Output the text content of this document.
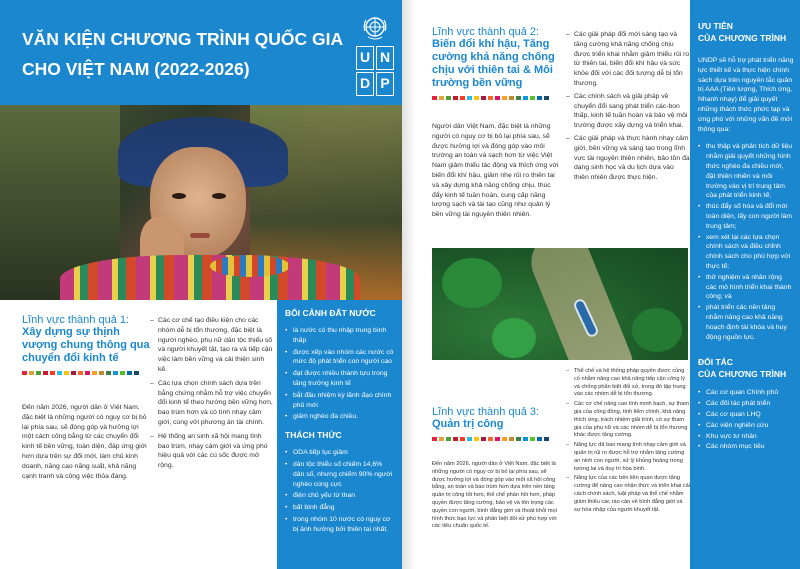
VĂN KIỆN CHƯƠNG TRÌNH QUỐC GIA
CHO VIỆT NAM (2022-2026)
U N
D P
Lĩnh vực thành quả 1:
Xây dựng sự thịnh vượng chung thông qua chuyển đổi kinh tế
Đến năm 2026, người dân ở Việt Nam, đặc biệt là những người có nguy cơ bị bỏ lại phía sau, sẽ đóng góp và hưởng lợi một cách công bằng từ các chuyển đổi kinh tế bền vững, toàn diện, đáp ứng giới hơn dựa trên sự đổi mới, làm chủ kinh doanh, năng cao năng suất, khả năng cạnh tranh và công việc thỏa đáng.
– Các cơ chế tạo điều kiện cho các nhóm dễ bị tổn thương, đặc biệt là người nghèo, phụ nữ dân tộc thiểu số và người khuyết tật, tạo ra và tiếp cận việc làm bền vững và cải thiện sinh kế.
– Các lựa chọn chính sách dựa trên bằng chứng nhằm hỗ trợ việc chuyển đổi kinh tế theo hướng bền vững hơn, bao trùm hơn và có tính nhạy cảm giới, cùng với phương án tài chính.
– Hệ thống an sinh xã hội mang tính bao trùm, nhạy cảm giới và ứng phó hiệu quả với các cú sốc được mở rộng.
BỐI CẢNH ĐẤT NƯỚC
• là nước có thu nhập trung bình thấp
• được xếp vào nhóm các nước có mức độ phát triển con người cao
• đạt được nhiều thành tựu trong tăng trưởng kinh tế
• bắt đầu nhiệm kỳ lãnh đạo chính phủ mới
• giảm nghèo đa chiều.
THÁCH THỨC
• ODA tiếp tục giảm
• dân tộc thiểu số chiếm 14,6% dân số, nhưng chiếm 90% người nghèo cùng cực
• điện chủ yếu từ than
• bất bình đẳng
• trong nhóm 10 nước có nguy cơ bị ảnh hưởng bởi thiên tai nhất.
Lĩnh vực thành quả 2:
Biến đổi khí hậu, Tăng cường khả năng chống chịu với thiên tai & Môi trường bền vững
Người dân Việt Nam, đặc biệt là những người có nguy cơ bị bỏ lại phía sau, sẽ được hưởng lợi và đóng góp vào môi trường an toàn và sạch hơn từ việc Việt Nam giảm thiểu tác động và thích ứng với biến đổi khí hậu, giảm nhẹ rủi ro thiên tai và xây dựng khả năng chống chịu, thúc đẩy kinh tế tuần hoàn, cung cấp năng lượng sạch và tài tạo cũng như quản lý bền vững tài nguyên thiên nhiên.
– Các giải pháp đổi mới sáng tạo và tăng cường khả năng chống chịu được triển khai nhằm giảm thiểu rủi ro từ thiên tai, biến đổi khí hậu và sức khỏe đối với các đối tượng dễ bị tổn thương.
– Các chính sách và giải pháp về chuyển đổi sang phát triển các-bon thấp, kinh tế tuần hoàn và bảo vệ môi trường được xây dựng và triển khai.
– Các giải pháp và thực hành nhạy cảm giới, bền vững và sáng tạo trong lĩnh vực tài nguyên thiên nhiên, bảo tồn đa dạng sinh học và du lịch dựa vào thiên nhiên được thực hiện.
Lĩnh vực thành quả 3:
Quản trị công
Đến năm 2026, người dân ở Việt Nam, đặc biệt là những người có nguy cơ bị bỏ lại phía sau, sẽ được hưởng lợi và đóng góp vào một xã hội công bằng, an toàn và bao trùm hơn dựa trên nền tảng quản trị công tốt hơn, thể chế phản hồi hơn, pháp quyền được tăng cường, bảo vệ và tôn trọng các quyền con người, bình đẳng giới và thoát khỏi mọi hình thức bạo lực và phân biệt đối xử phù hợp với các tiêu chuẩn quốc tế.
– Thể chế và hệ thống pháp quyền được củng cố nhằm nâng cao khả năng tiếp cận công lý và chống phân biệt đối xử, trong đó tập trung vào các nhóm dễ bị tổn thương.
– Các cơ chế nâng cao tính minh bạch, sự tham gia của công đồng, tính liêm chính, khả năng thích ứng, trách nhiệm giải trình, có sự tham gia của phụ nữ và các nhóm dễ bị tổn thương khác được tăng cường.
– Năng lực đã bao mang tính nhạy cảm giới và quản trị rủi ro được hỗ trợ nhằm tăng cường an ninh con người, xử lý khủng hoảng trong tương lai và duy trì hòa bình.
– Năng lực của các bên liên quan được tăng cường để nâng cao nhận thức và triển khai cải cách chính sách, luật pháp và thể chế nhằm giảm thiểu các rào cản về bình đẳng giới và sự hòa nhập của người khuyết tật.
ƯU TIÊN
CỦA CHƯƠNG TRÌNH

UNDP sẽ hỗ trợ phát triển năng lực thiết kế và thực hiện chính sách dựa trên nguyên tắc quản trị AAA (Tiên lượng, Thích ứng, Nhanh nhạy) để giải quyết những thách thức phức tạp và ứng phó với những vấn đề mới thông qua:

• thu thập và phân tích dữ liệu nhằm giải quyết những hình thức nghèo đa chiều mới, đặt thiên nhiên và môi trường vào vị trí trung tâm của phát triển kinh tế;
• thúc đẩy số hóa và đổi mới toàn diện, lấy con người làm trung tâm;
• xem xét lại các lựa chọn chính sách và điều chỉnh chính sách cho phù hợp với thực tế;
• thử nghiệm và nhân rộng các mô hình triển khai thành công; và
• phát triển các nền tảng nhằm nâng cao khả năng hoạch định tài khóa và huy động nguồn lực.
ĐỐI TÁC
CỦA CHƯƠNG TRÌNH
• Các cơ quan Chính phủ
• Các đối tác phát triển
• Các cơ quan LHQ
• Các viện nghiên cứu
• Khu vực tư nhân
• Các nhóm mục tiêu
